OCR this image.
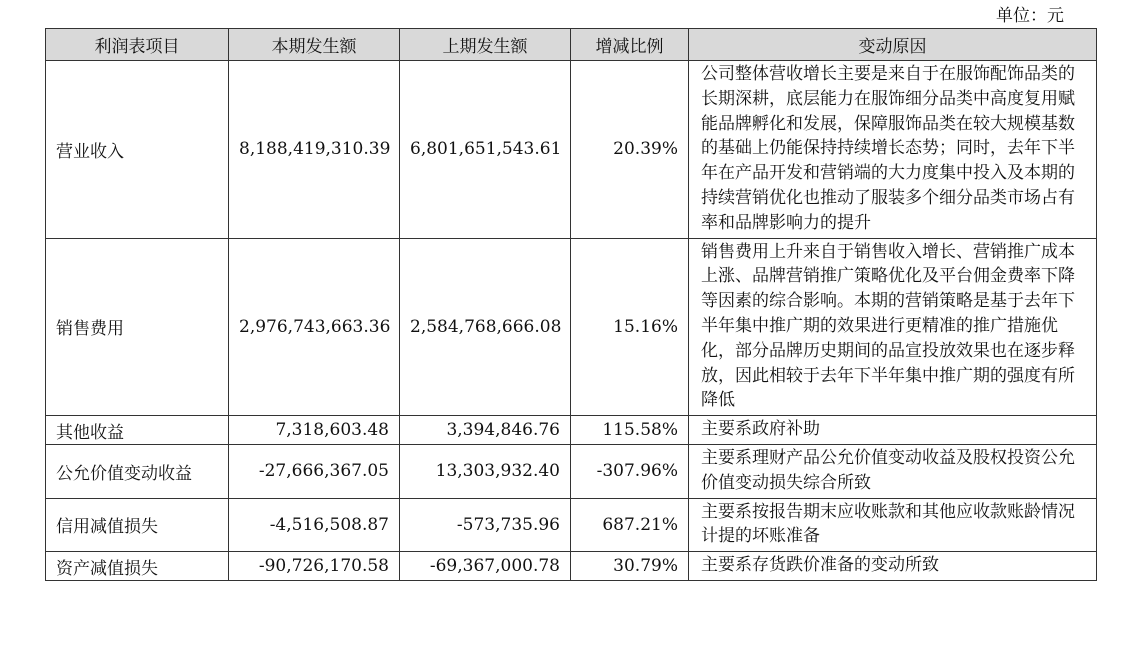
单位：元
利润表项目	本期发生额	上期发生额	增减比例	变动原因
营业收入	8,188,419,310.39	6,801,651,543.61	20.39%	公司整体营收增长主要是来自于在服饰配饰品类的长期深耕，底层能力在服饰细分品类中高度复用赋能品牌孵化和发展，保障服饰品类在较大规模基数的基础上仍能保持持续增长态势；同时，去年下半年在产品开发和营销端的大力度集中投入及本期的持续营销优化也推动了服装多个细分品类市场占有率和品牌影响力的提升
销售费用	2,976,743,663.36	2,584,768,666.08	15.16%	销售费用上升来自于销售收入增长、营销推广成本上涨、品牌营销推广策略优化及平台佣金费率下降等因素的综合影响。本期的营销策略是基于去年下半年集中推广期的效果进行更精准的推广措施优化，部分品牌历史期间的品宣投放效果也在逐步释放，因此相较于去年下半年集中推广期的强度有所降低
其他收益	7,318,603.48	3,394,846.76	115.58%	主要系政府补助
公允价值变动收益	-27,666,367.05	13,303,932.40	-307.96%	主要系理财产品公允价值变动收益及股权投资公允价值变动损失综合所致
信用减值损失	-4,516,508.87	-573,735.96	687.21%	主要系按报告期末应收账款和其他应收款账龄情况计提的坏账准备
资产减值损失	-90,726,170.58	-69,367,000.78	30.79%	主要系存货跌价准备的变动所致
